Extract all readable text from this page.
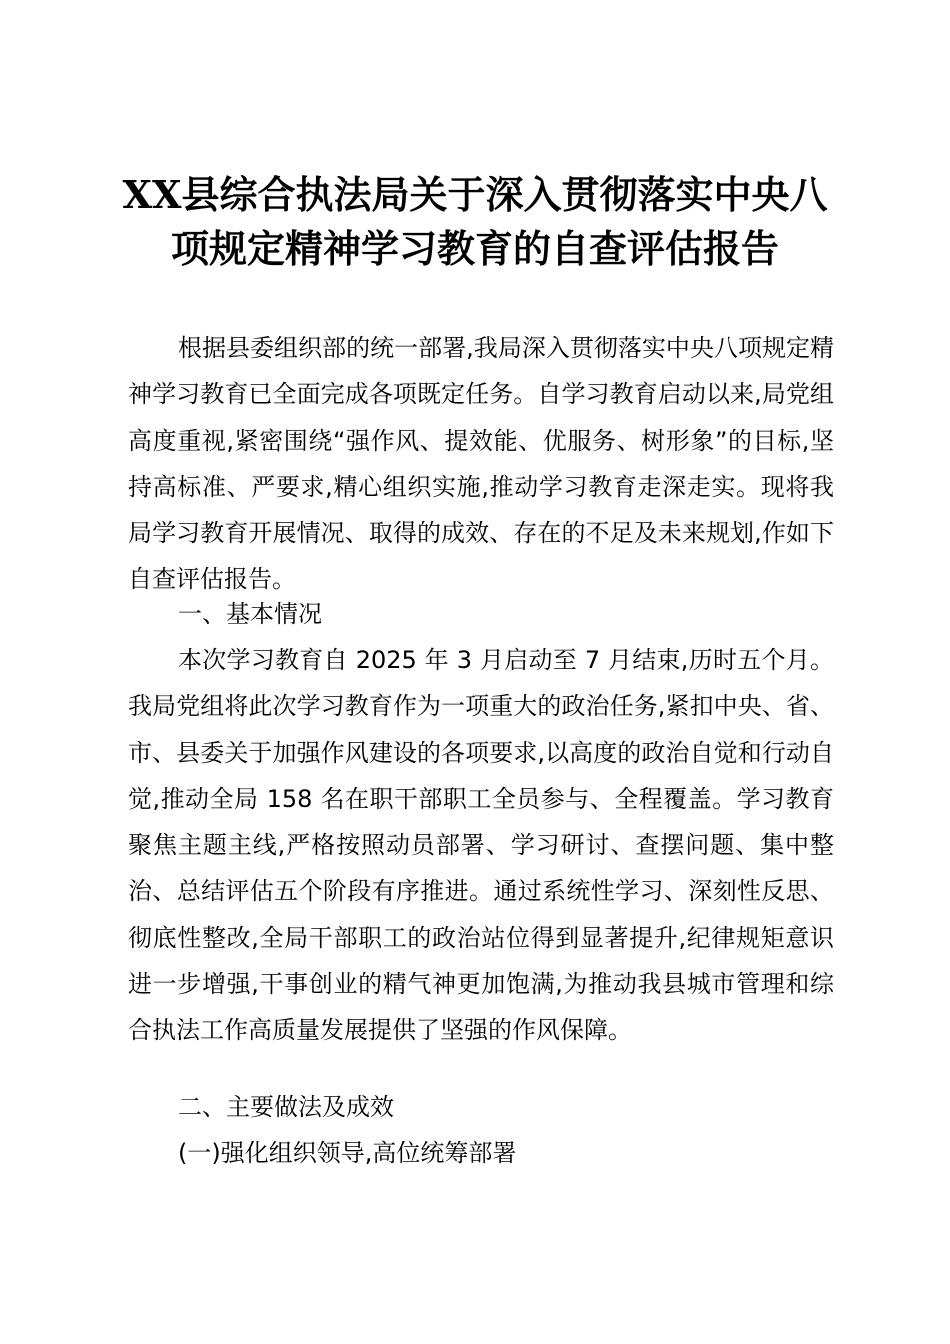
XX县综合执法局关于深入贯彻落实中央八项规定精神学习教育的自查评估报告

根据县委组织部的统一部署,我局深入贯彻落实中央八项规定精神学习教育已全面完成各项既定任务。自学习教育启动以来,局党组高度重视,紧密围绕“强作风、提效能、优服务、树形象”的目标,坚持高标准、严要求,精心组织实施,推动学习教育走深走实。现将我局学习教育开展情况、取得的成效、存在的不足及未来规划,作如下自查评估报告。

一、基本情况

本次学习教育自 2025 年 3 月启动至 7 月结束,历时五个月。我局党组将此次学习教育作为一项重大的政治任务,紧扣中央、省、市、县委关于加强作风建设的各项要求,以高度的政治自觉和行动自觉,推动全局 158 名在职干部职工全员参与、全程覆盖。学习教育聚焦主题主线,严格按照动员部署、学习研讨、查摆问题、集中整治、总结评估五个阶段有序推进。通过系统性学习、深刻性反思、彻底性整改,全局干部职工的政治站位得到显著提升,纪律规矩意识进一步增强,干事创业的精气神更加饱满,为推动我县城市管理和综合执法工作高质量发展提供了坚强的作风保障。

二、主要做法及成效

(一)强化组织领导,高位统筹部署
